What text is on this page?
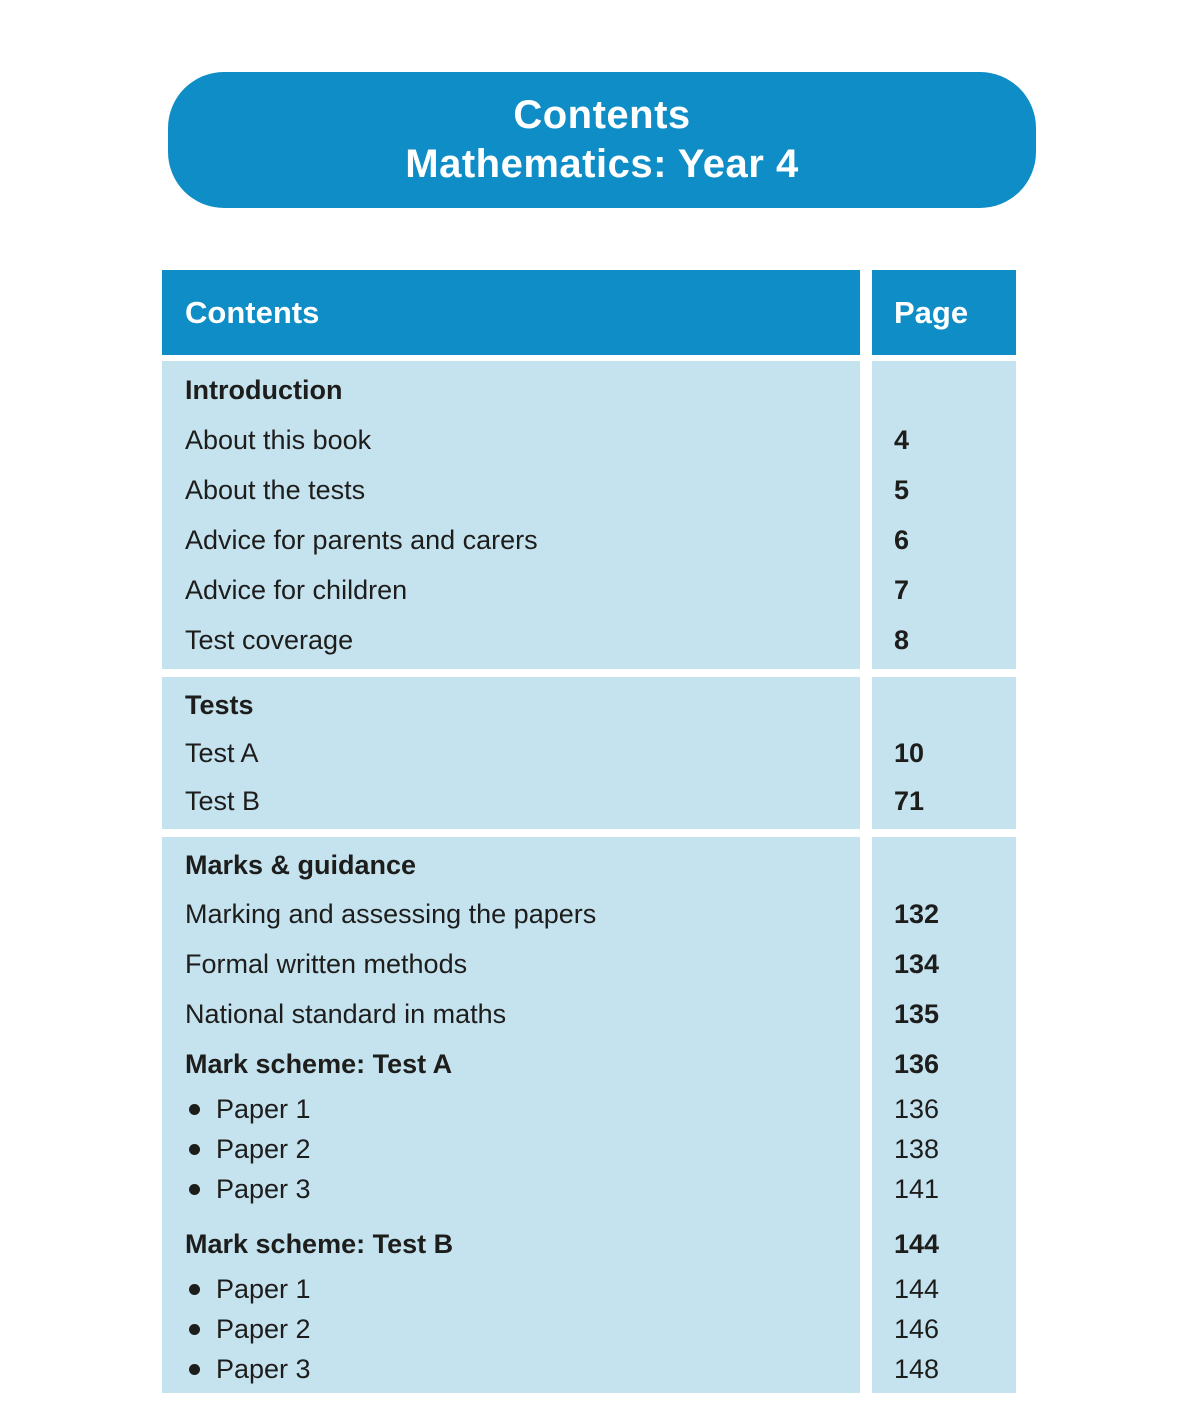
Contents
Mathematics: Year 4
Contents	Page
Introduction
About this book
About the tests
Advice for parents and carers
Advice for children
Test coverage
4
5
6
7
8
Tests
Test A
Test B
10
71
Marks & guidance
Marking and assessing the papers
Formal written methods
National standard in maths
Mark scheme: Test A
Paper 1
Paper 2
Paper 3
Mark scheme: Test B
Paper 1
Paper 2
Paper 3
132
134
135
136
136
138
141
144
144
146
148
